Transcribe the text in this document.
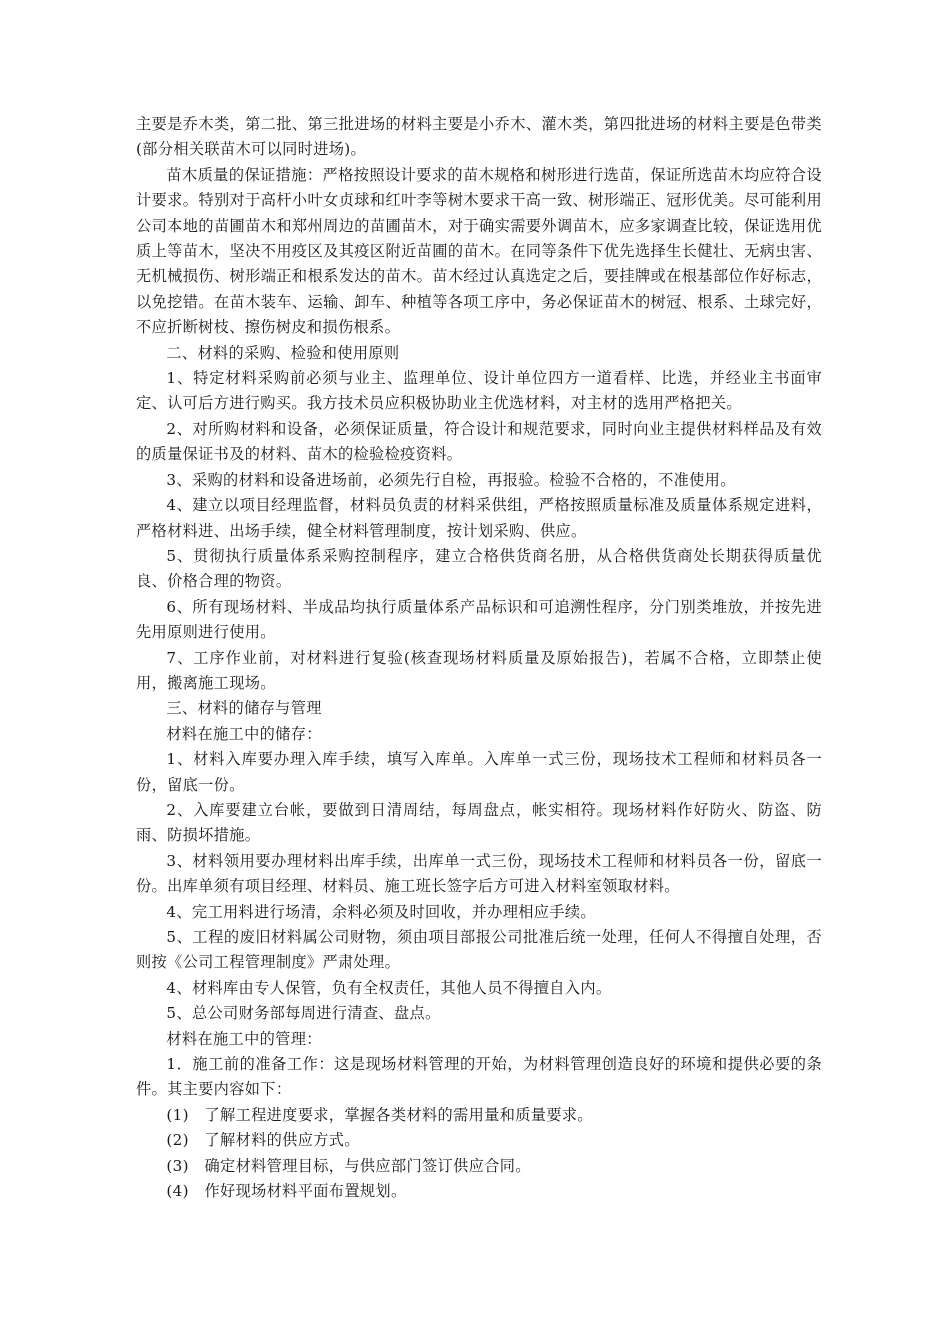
主要是乔木类，第二批、第三批进场的材料主要是小乔木、灌木类，第四批进场的材料主要是色带类(部分相关联苗木可以同时进场)。

苗木质量的保证措施：严格按照设计要求的苗木规格和树形进行选苗，保证所选苗木均应符合设计要求。特别对于高杆小叶女贞球和红叶李等树木要求干高一致、树形端正、冠形优美。尽可能利用公司本地的苗圃苗木和郑州周边的苗圃苗木，对于确实需要外调苗木，应多家调查比较，保证选用优质上等苗木，坚决不用疫区及其疫区附近苗圃的苗木。在同等条件下优先选择生长健壮、无病虫害、无机械损伤、树形端正和根系发达的苗木。苗木经过认真选定之后，要挂牌或在根基部位作好标志，以免挖错。在苗木装车、运输、卸车、种植等各项工序中，务必保证苗木的树冠、根系、土球完好，不应折断树枝、擦伤树皮和损伤根系。

二、材料的采购、检验和使用原则

1、特定材料采购前必须与业主、监理单位、设计单位四方一道看样、比选，并经业主书面审定、认可后方进行购买。我方技术员应积极协助业主优选材料，对主材的选用严格把关。

2、对所购材料和设备，必须保证质量，符合设计和规范要求，同时向业主提供材料样品及有效的质量保证书及的材料、苗木的检验检疫资料。

3、采购的材料和设备进场前，必须先行自检，再报验。检验不合格的，不准使用。

4、建立以项目经理监督，材料员负责的材料采供组，严格按照质量标准及质量体系规定进料，严格材料进、出场手续，健全材料管理制度，按计划采购、供应。

5、贯彻执行质量体系采购控制程序，建立合格供货商名册，从合格供货商处长期获得质量优良、价格合理的物资。

6、所有现场材料、半成品均执行质量体系产品标识和可追溯性程序，分门别类堆放，并按先进先用原则进行使用。

7、工序作业前，对材料进行复验(核查现场材料质量及原始报告)，若属不合格，立即禁止使用，搬离施工现场。

三、材料的储存与管理

材料在施工中的储存：

1、材料入库要办理入库手续，填写入库单。入库单一式三份，现场技术工程师和材料员各一份，留底一份。

2、入库要建立台帐，要做到日清周结，每周盘点，帐实相符。现场材料作好防火、防盗、防雨、防损坏措施。

3、材料领用要办理材料出库手续，出库单一式三份，现场技术工程师和材料员各一份，留底一份。出库单须有项目经理、材料员、施工班长签字后方可进入材料室领取材料。

4、完工用料进行场清，余料必须及时回收，并办理相应手续。

5、工程的废旧材料属公司财物，须由项目部报公司批准后统一处理，任何人不得擅自处理，否则按《公司工程管理制度》严肃处理。

4、材料库由专人保管，负有全权责任，其他人员不得擅自入内。

5、总公司财务部每周进行清查、盘点。

材料在施工中的管理：

1．施工前的准备工作：这是现场材料管理的开始，为材料管理创造良好的环境和提供必要的条件。其主要内容如下：

(1)　了解工程进度要求，掌握各类材料的需用量和质量要求。

(2)　了解材料的供应方式。

(3)　确定材料管理目标，与供应部门签订供应合同。

(4)　作好现场材料平面布置规划。
